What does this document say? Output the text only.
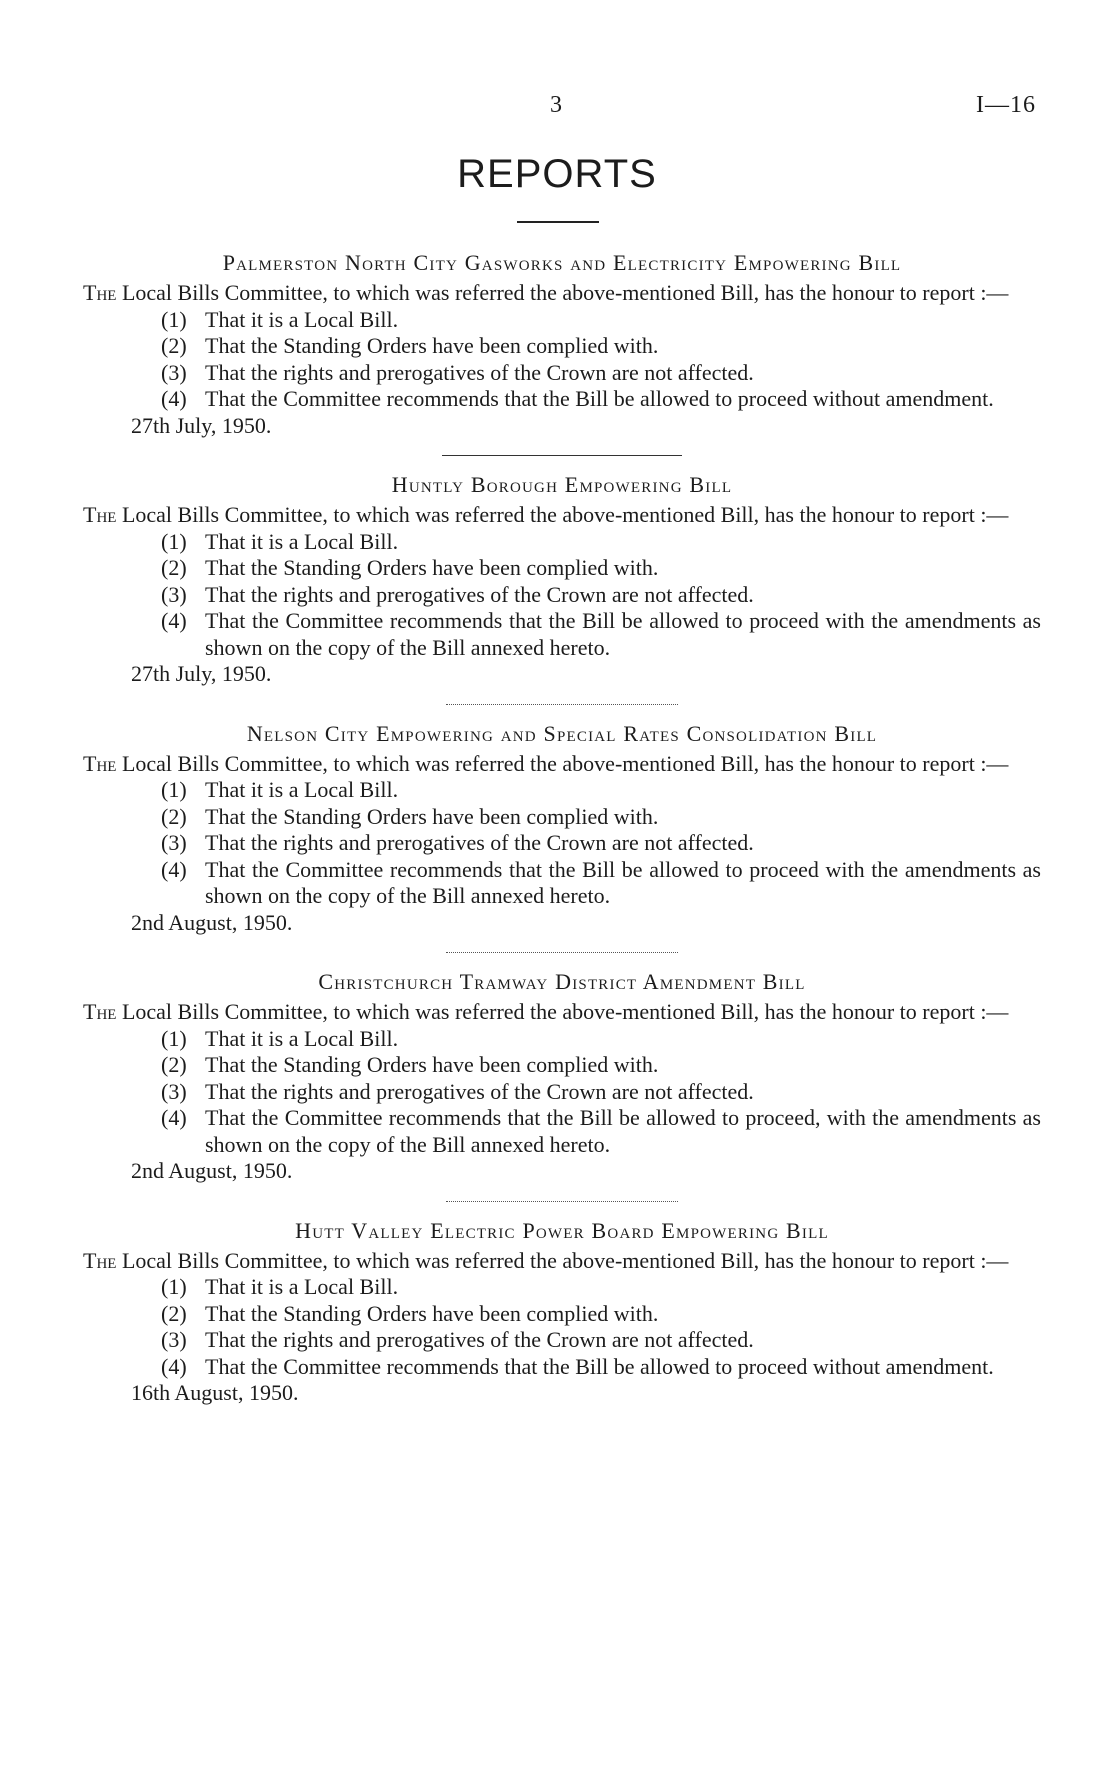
3	I—16
REPORTS
Palmerston North City Gasworks and Electricity Empowering Bill

The Local Bills Committee, to which was referred the above-mentioned Bill, has the honour to report :—

(1) That it is a Local Bill.
(2) That the Standing Orders have been complied with.
(3) That the rights and prerogatives of the Crown are not affected.
(4) That the Committee recommends that the Bill be allowed to proceed without amendment.

27th July, 1950.

Huntly Borough Empowering Bill

The Local Bills Committee, to which was referred the above-mentioned Bill, has the honour to report :—

(1) That it is a Local Bill.
(2) That the Standing Orders have been complied with.
(3) That the rights and prerogatives of the Crown are not affected.
(4) That the Committee recommends that the Bill be allowed to proceed with the amendments as shown on the copy of the Bill annexed hereto.

27th July, 1950.

Nelson City Empowering and Special Rates Consolidation Bill

The Local Bills Committee, to which was referred the above-mentioned Bill, has the honour to report :—

(1) That it is a Local Bill.
(2) That the Standing Orders have been complied with.
(3) That the rights and prerogatives of the Crown are not affected.
(4) That the Committee recommends that the Bill be allowed to proceed with the amendments as shown on the copy of the Bill annexed hereto.

2nd August, 1950.

Christchurch Tramway District Amendment Bill

The Local Bills Committee, to which was referred the above-mentioned Bill, has the honour to report :—

(1) That it is a Local Bill.
(2) That the Standing Orders have been complied with.
(3) That the rights and prerogatives of the Crown are not affected.
(4) That the Committee recommends that the Bill be allowed to proceed, with the amendments as shown on the copy of the Bill annexed hereto.

2nd August, 1950.

Hutt Valley Electric Power Board Empowering Bill

The Local Bills Committee, to which was referred the above-mentioned Bill, has the honour to report :—

(1) That it is a Local Bill.
(2) That the Standing Orders have been complied with.
(3) That the rights and prerogatives of the Crown are not affected.
(4) That the Committee recommends that the Bill be allowed to proceed without amendment.

16th August, 1950.
